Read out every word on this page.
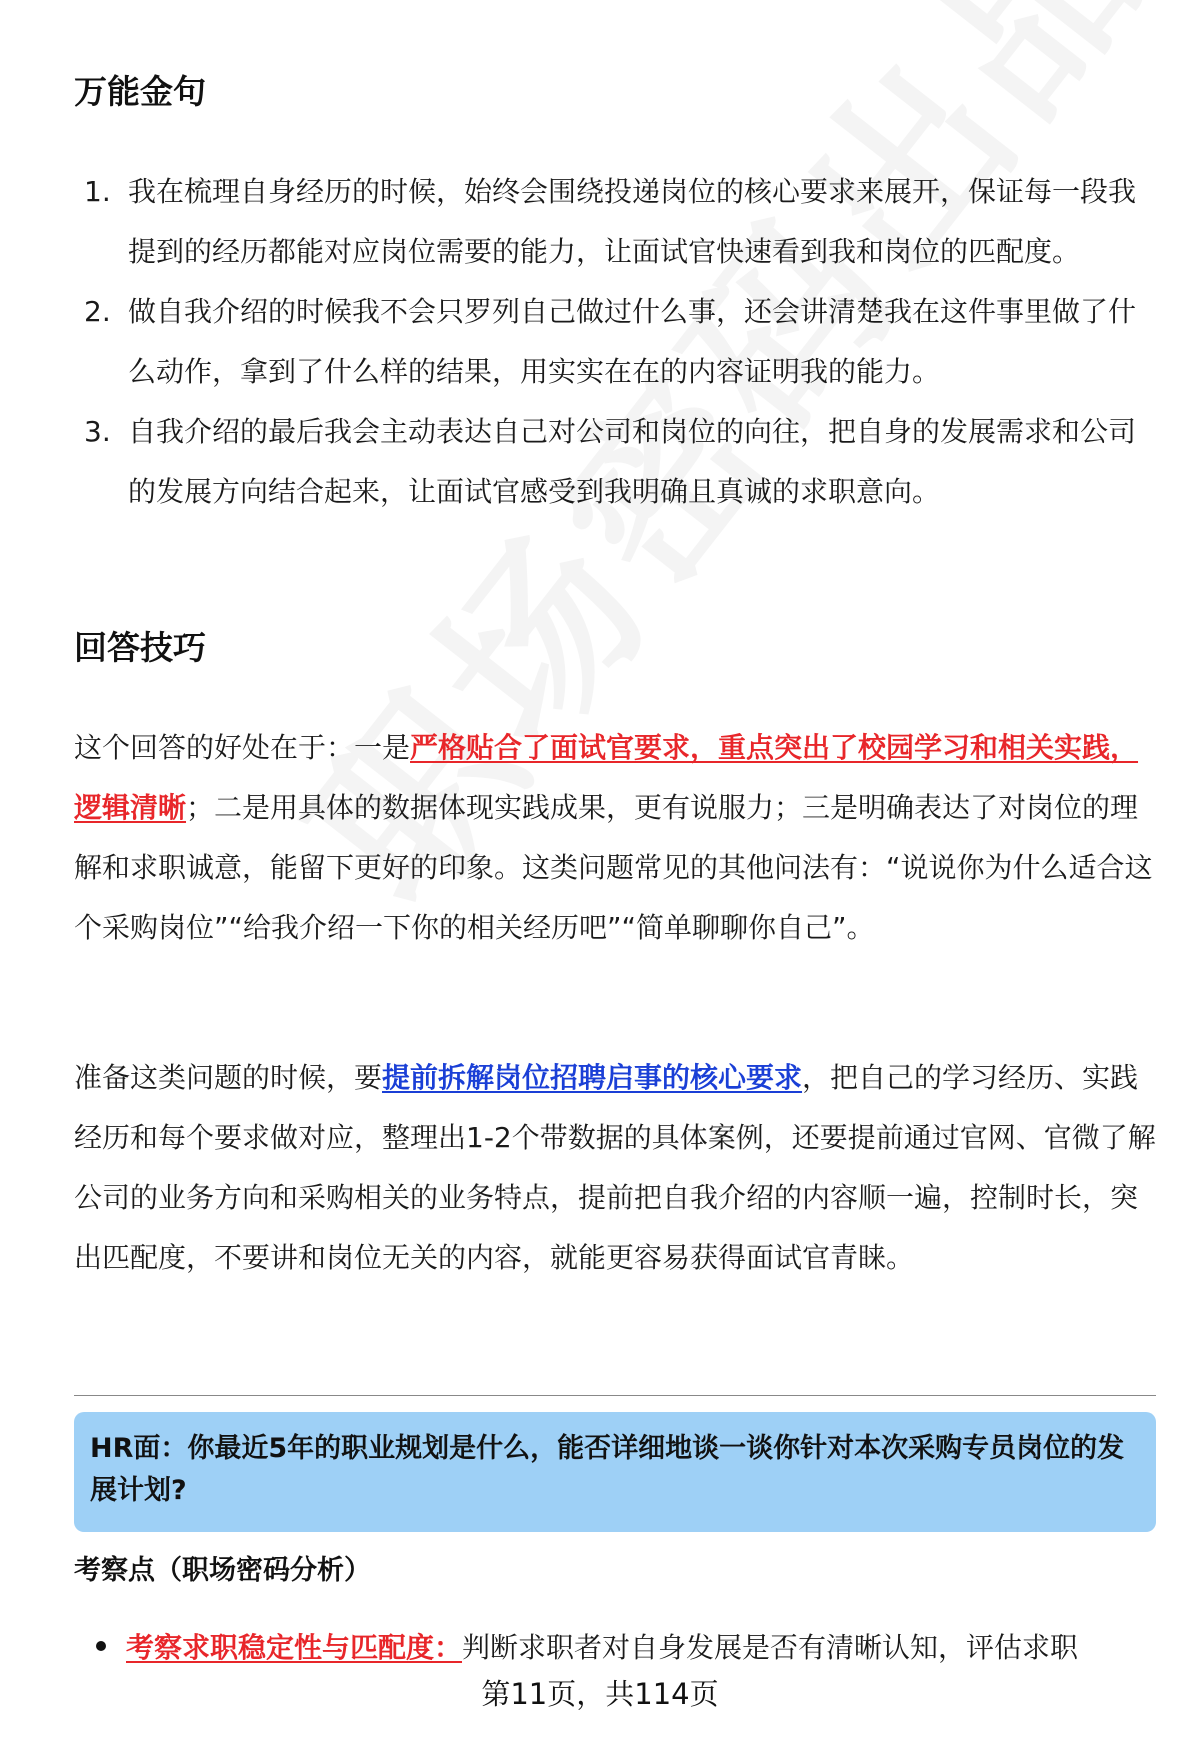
万能金句
1. 我在梳理自身经历的时候，始终会围绕投递岗位的核心要求来展开，保证每一段我提到的经历都能对应岗位需要的能力，让面试官快速看到我和岗位的匹配度。
2. 做自我介绍的时候我不会只罗列自己做过什么事，还会讲清楚我在这件事里做了什么动作，拿到了什么样的结果，用实实在在的内容证明我的能力。
3. 自我介绍的最后我会主动表达自己对公司和岗位的向往，把自身的发展需求和公司的发展方向结合起来，让面试官感受到我明确且真诚的求职意向。
回答技巧

这个回答的好处在于：一是严格贴合了面试官要求，重点突出了校园学习和相关实践，逻辑清晰；二是用具体的数据体现实践成果，更有说服力；三是明确表达了对岗位的理解和求职诚意，能留下更好的印象。这类问题常见的其他问法有：“说说你为什么适合这个采购岗位”“给我介绍一下你的相关经历吧”“简单聊聊你自己”。

准备这类问题的时候，要提前拆解岗位招聘启事的核心要求，把自己的学习经历、实践经历和每个要求做对应，整理出1-2个带数据的具体案例，还要提前通过官网、官微了解公司的业务方向和采购相关的业务特点，提前把自我介绍的内容顺一遍，控制时长，突出匹配度，不要讲和岗位无关的内容，就能更容易获得面试官青睐。

HR面：你最近5年的职业规划是什么，能否详细地谈一谈你针对本次采购专员岗位的发展计划?
考察点（职场密码分析）
考察求职稳定性与匹配度：判断求职者对自身发展是否有清晰认知，评估求职
第11页，共114页
